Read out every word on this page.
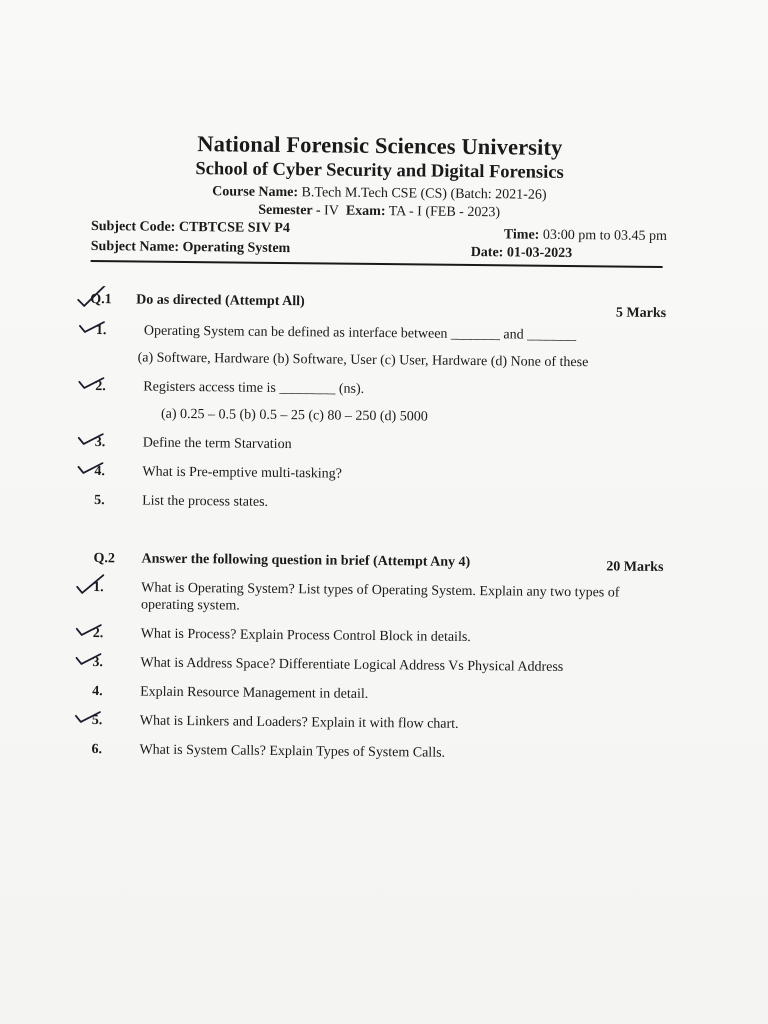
National Forensic Sciences University
School of Cyber Security and Digital Forensics
Course Name: B.Tech M.Tech CSE (CS) (Batch: 2021-26)
Semester - IV Exam: TA - I (FEB - 2023)
Subject Code: CTBTCSE SIV P4	Time: 03:00 pm to 03.45 pm
Subject Name: Operating System	Date: 01-03-2023
Q.1	Do as directed (Attempt All)
5 Marks
1.	Operating System can be defined as interface between _______ and _______
(a) Software, Hardware (b) Software, User (c) User, Hardware (d) None of these
2.	Registers access time is ________ (ns).
(a) 0.25 – 0.5 (b) 0.5 – 25 (c) 80 – 250 (d) 5000
3.	Define the term Starvation
4.	What is Pre-emptive multi-tasking?
5.	List the process states.
Q.2	Answer the following question in brief (Attempt Any 4)	20 Marks
1.	What is Operating System? List types of Operating System. Explain any two types of operating system.
2.	What is Process? Explain Process Control Block in details.
3.	What is Address Space? Differentiate Logical Address Vs Physical Address
4.	Explain Resource Management in detail.
5.	What is Linkers and Loaders? Explain it with flow chart.
6.	What is System Calls? Explain Types of System Calls.
